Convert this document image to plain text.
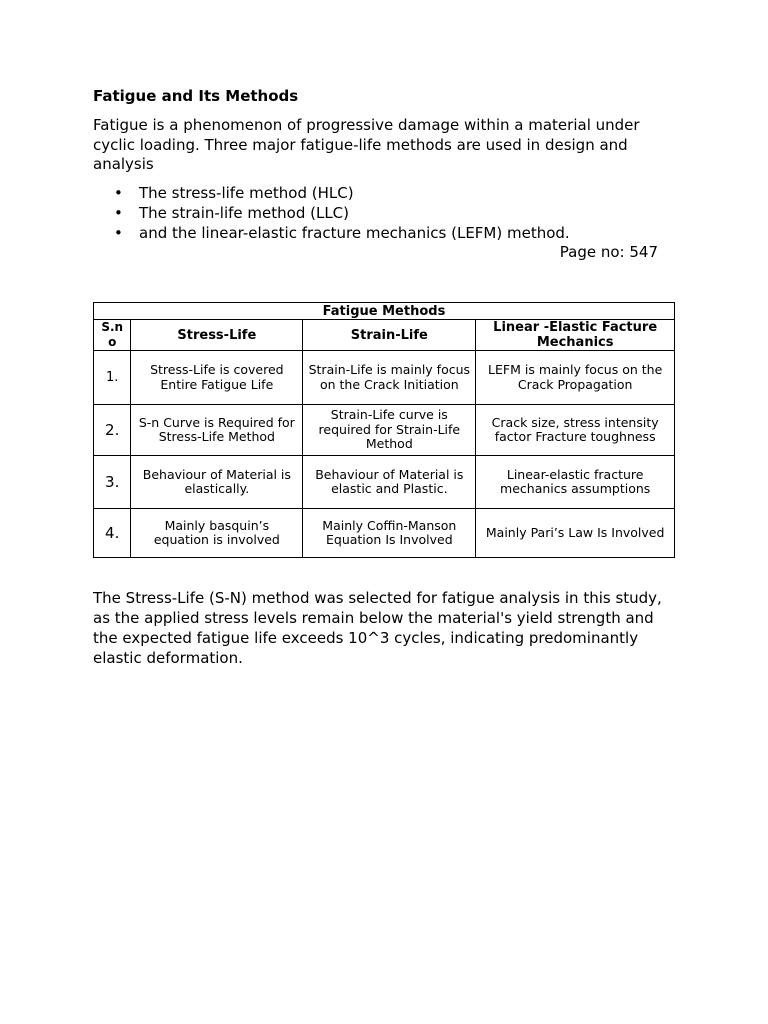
Fatigue and Its Methods

Fatigue is a phenomenon of progressive damage within a material under cyclic loading. Three major fatigue-life methods are used in design and analysis

• The stress-life method (HLC)
• The strain-life method (LLC)
• and the linear-elastic fracture mechanics (LEFM) method.

Page no: 547

Fatigue Methods			
S.n o	Stress-Life	Strain-Life	Linear -Elastic Facture Mechanics
1.	Stress-Life is covered Entire Fatigue Life	Strain-Life is mainly focus on the Crack Initiation	LEFM is mainly focus on the Crack Propagation
2.	S-n Curve is Required for Stress-Life Method	Strain-Life curve is required for Strain-Life Method	Crack size, stress intensity factor Fracture toughness
3.	Behaviour of Material is elastically.	Behaviour of Material is elastic and Plastic.	Linear-elastic fracture mechanics assumptions
4.	Mainly basquin’s equation is involved	Mainly Coffin-Manson Equation Is Involved	Mainly Pari’s Law Is Involved

The Stress-Life (S-N) method was selected for fatigue analysis in this study, as the applied stress levels remain below the material's yield strength and the expected fatigue life exceeds 10^3 cycles, indicating predominantly elastic deformation.
